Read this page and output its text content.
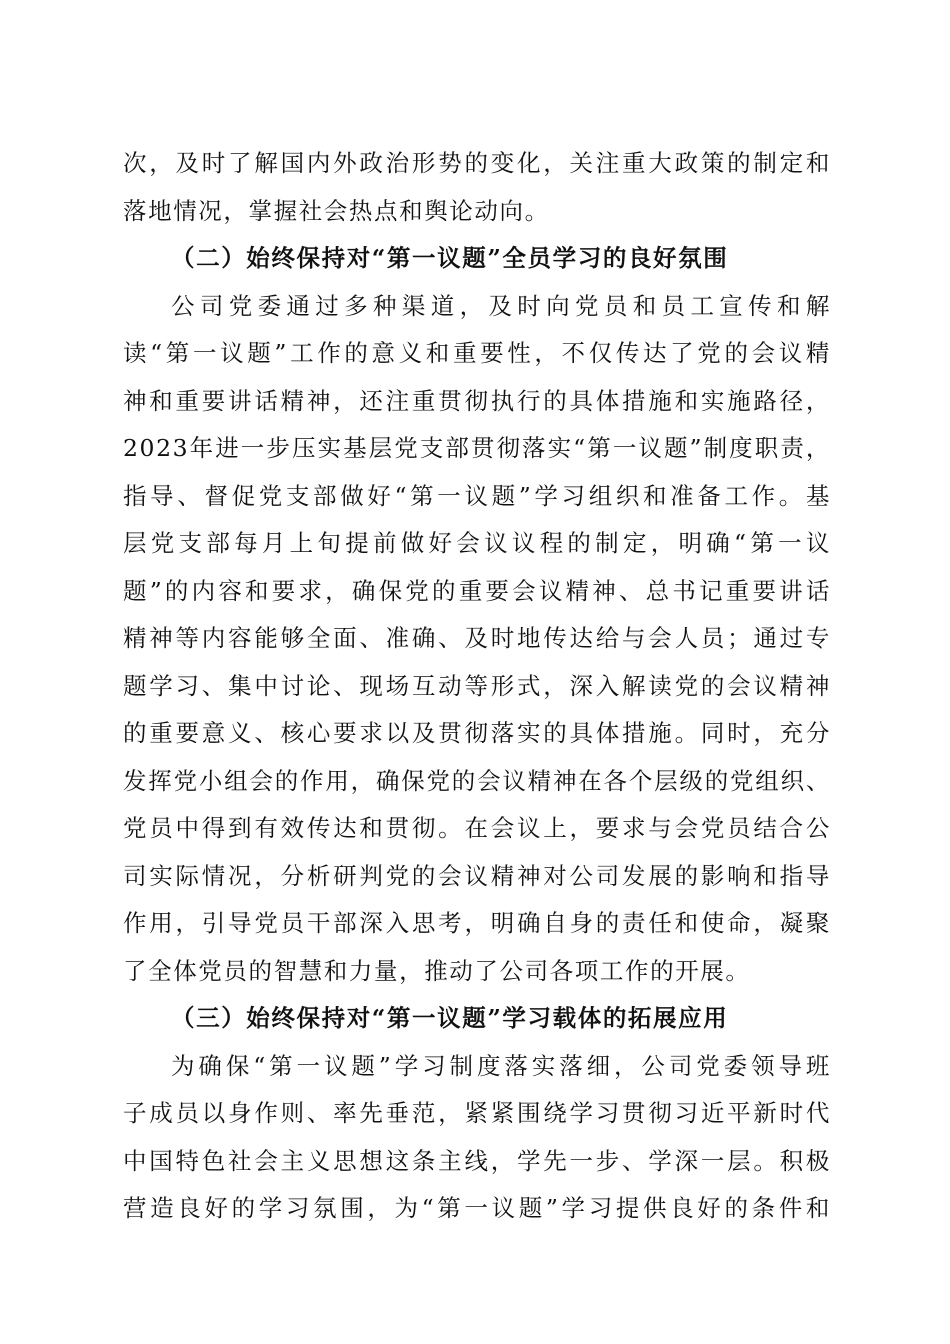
次，及时了解国内外政治形势的变化，关注重大政策的制定和
落地情况，掌握社会热点和舆论动向。
（二）始终保持对“第一议题”全员学习的良好氛围
公司党委通过多种渠道，及时向党员和员工宣传和解
读“第一议题”工作的意义和重要性，不仅传达了党的会议精
神和重要讲话精神，还注重贯彻执行的具体措施和实施路径，
2023年进一步压实基层党支部贯彻落实“第一议题”制度职责，
指导、督促党支部做好“第一议题”学习组织和准备工作。基
层党支部每月上旬提前做好会议议程的制定，明确“第一议
题”的内容和要求，确保党的重要会议精神、总书记重要讲话
精神等内容能够全面、准确、及时地传达给与会人员；通过专
题学习、集中讨论、现场互动等形式，深入解读党的会议精神
的重要意义、核心要求以及贯彻落实的具体措施。同时，充分
发挥党小组会的作用，确保党的会议精神在各个层级的党组织、
党员中得到有效传达和贯彻。在会议上，要求与会党员结合公
司实际情况，分析研判党的会议精神对公司发展的影响和指导
作用，引导党员干部深入思考，明确自身的责任和使命，凝聚
了全体党员的智慧和力量，推动了公司各项工作的开展。
（三）始终保持对“第一议题”学习载体的拓展应用
为确保“第一议题”学习制度落实落细，公司党委领导班
子成员以身作则、率先垂范，紧紧围绕学习贯彻习近平新时代
中国特色社会主义思想这条主线，学先一步、学深一层。积极
营造良好的学习氛围，为“第一议题”学习提供良好的条件和
